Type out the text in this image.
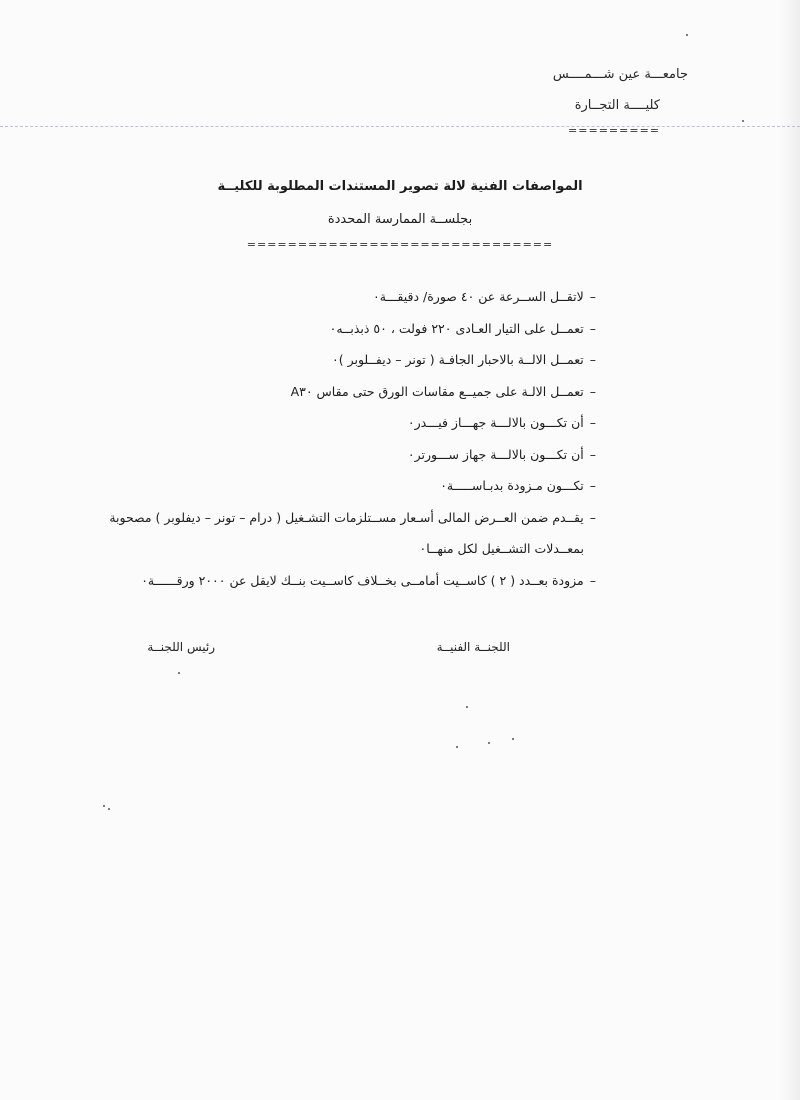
جامعـــة عين شـــمــــس
كليــــة التجــارة
=========
المواصفات الفنية لالة تصوير المستندات المطلوبة للكليــة
بجلســة الممارسة المحددة
==============================
–لاتقــل الســرعة عن ٤٠ صورة/ دقيقـــة٠
–تعمــل على التيار العـادى ٢٢٠ فولت ، ٥٠ ذبذبــه٠
–تعمــل الالــة بالاحبار الجافـة ( تونر – ديفــلوبر )٠
–تعمــل الالـة على جميــع مقاسات الورق حتى مقاس A٣٠
–أن تكـــون بالالـــة جهـــاز فيـــدر٠
–أن تكـــون بالالـــة جهاز ســـورتر٠
–تكـــون مـزودة بدبـاســـــة٠
–يقــدم ضمن العــرض المالى أسـعار مســتلزمات التشـغيل ( درام – تونر – ديفلوبر ) مصحوبة
بمعــدلات التشــغيل لكل منهــا٠
–مزودة بعــدد ( ٢ ) كاســيت أمامــى بخــلاف كاســيت بنــك لايقل عن ٢٠٠٠ ورقــــــة٠
اللجنــة الفنيــة
رئيس اللجنــة
